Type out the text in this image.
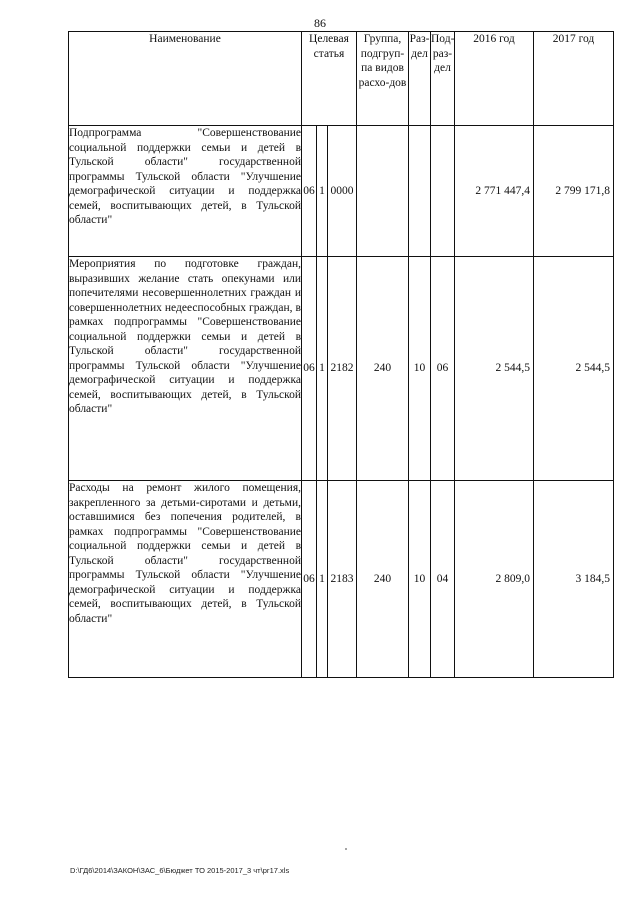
86
Наименование	Целевая статья			Группа, подгруп-па видов расхо-дов	Раз-дел	Под-раз-дел	2016 год	2017 год
Подпрограмма "Совершенствование социальной поддержки семьи и детей в Тульской области" государственной программы Тульской области "Улучшение демографической ситуации и поддержка семей, воспитывающих детей, в Тульской области"	06	1	0000				2 771 447,4	2 799 171,8
Мероприятия по подготовке граждан, выразивших желание стать опекунами или попечителями несовершеннолетних граждан и совершеннолетних недееспособных граждан, в рамках подпрограммы "Совершенствование социальной поддержки семьи и детей в Тульской области" государственной программы Тульской области "Улучшение демографической ситуации и поддержка семей, воспитывающих детей, в Тульской области"	06	1	2182	240	10	06	2 544,5	2 544,5
Расходы на ремонт жилого помещения, закрепленного за детьми-сиротами и детьми, оставшимися без попечения родителей, в рамках подпрограммы "Совершенствование социальной поддержки семьи и детей в Тульской области" государственной программы Тульской области "Улучшение демографической ситуации и поддержка семей, воспитывающих детей, в Тульской области"	06	1	2183	240	10	04	2 809,0	3 184,5
D:\ГД6\2014\ЗАКОН\ЗАС_6\Бюджет ТО 2015-2017_3 чт\рг17.xls
